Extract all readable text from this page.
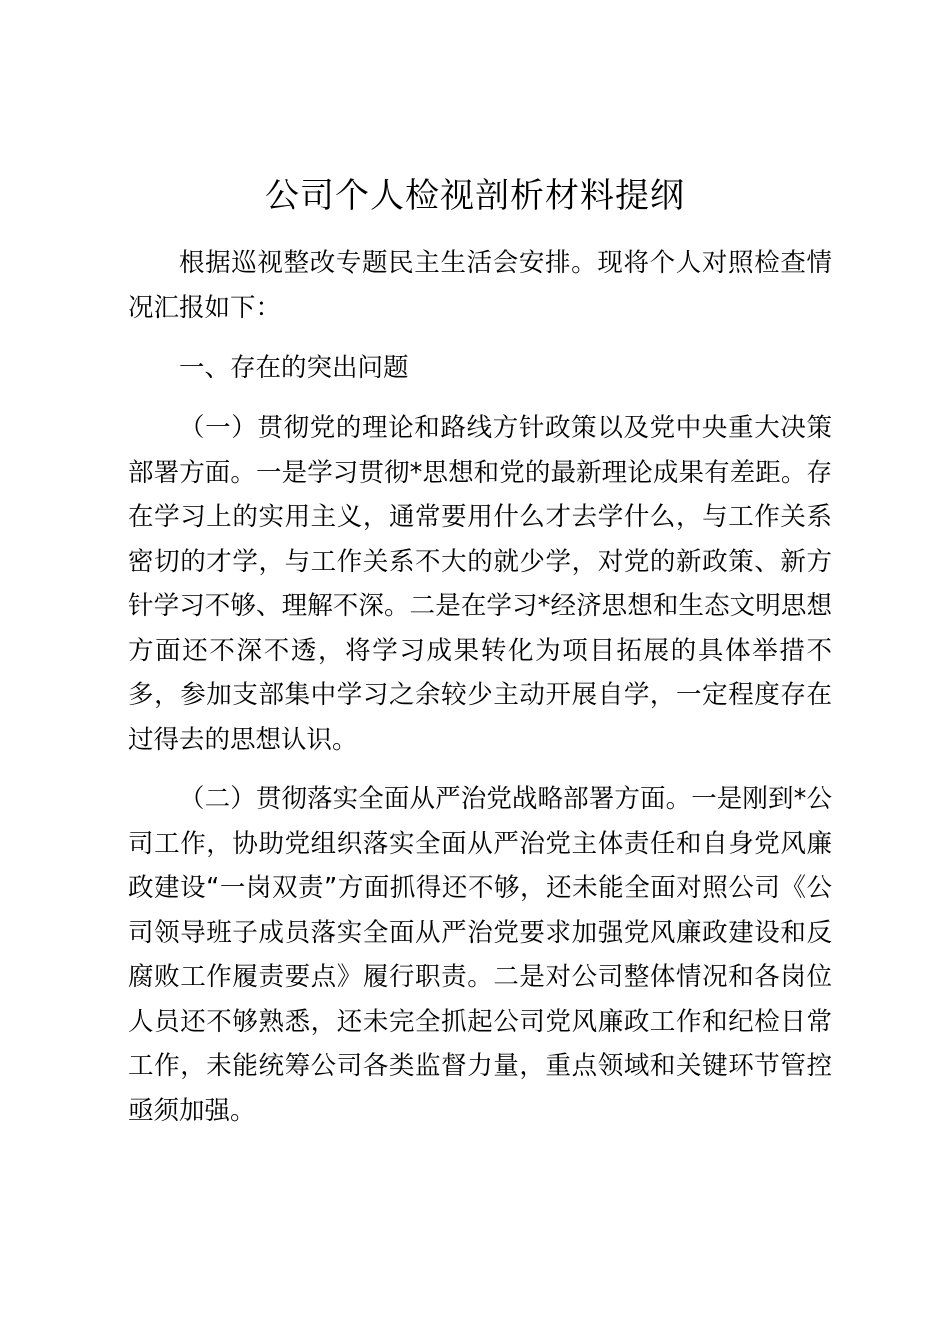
公司个人检视剖析材料提纲

根据巡视整改专题民主生活会安排。现将个人对照检查情况汇报如下：

一、存在的突出问题

（一）贯彻党的理论和路线方针政策以及党中央重大决策部署方面。一是学习贯彻*思想和党的最新理论成果有差距。存在学习上的实用主义，通常要用什么才去学什么，与工作关系密切的才学，与工作关系不大的就少学，对党的新政策、新方针学习不够、理解不深。二是在学习*经济思想和生态文明思想方面还不深不透，将学习成果转化为项目拓展的具体举措不多，参加支部集中学习之余较少主动开展自学，一定程度存在过得去的思想认识。

（二）贯彻落实全面从严治党战略部署方面。一是刚到*公司工作，协助党组织落实全面从严治党主体责任和自身党风廉政建设“一岗双责”方面抓得还不够，还未能全面对照公司《公司领导班子成员落实全面从严治党要求加强党风廉政建设和反腐败工作履责要点》履行职责。二是对公司整体情况和各岗位人员还不够熟悉，还未完全抓起公司党风廉政工作和纪检日常工作，未能统筹公司各类监督力量，重点领域和关键环节管控亟须加强。
